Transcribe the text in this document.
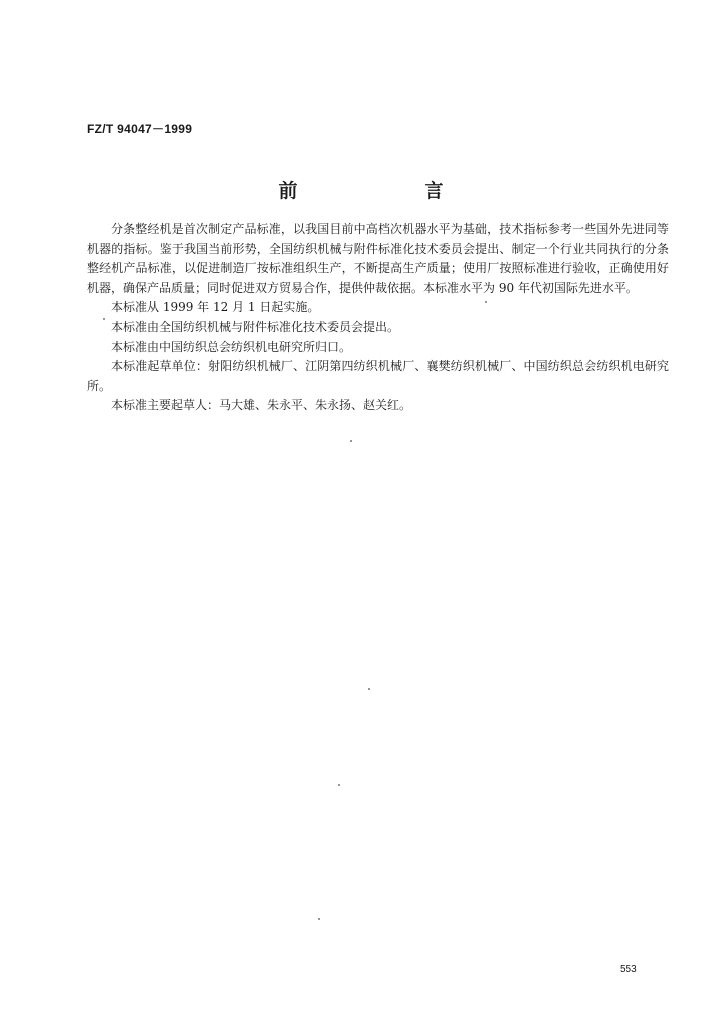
FZ/T 94047－1999
前　言

分条整经机是首次制定产品标准，以我国目前中高档次机器水平为基础，技术指标参考一些国外先进同等机器的指标。鉴于我国当前形势，全国纺织机械与附件标准化技术委员会提出、制定一个行业共同执行的分条整经机产品标准，以促进制造厂按标准组织生产，不断提高生产质量；使用厂按照标准进行验收，正确使用好机器，确保产品质量；同时促进双方贸易合作，提供仲裁依据。本标准水平为 90 年代初国际先进水平。

本标准从 1999 年 12 月 1 日起实施。

本标准由全国纺织机械与附件标准化技术委员会提出。

本标准由中国纺织总会纺织机电研究所归口。

本标准起草单位：射阳纺织机械厂、江阴第四纺织机械厂、襄樊纺织机械厂、中国纺织总会纺织机电研究所。

本标准主要起草人：马大雄、朱永平、朱永扬、赵关红。

553
